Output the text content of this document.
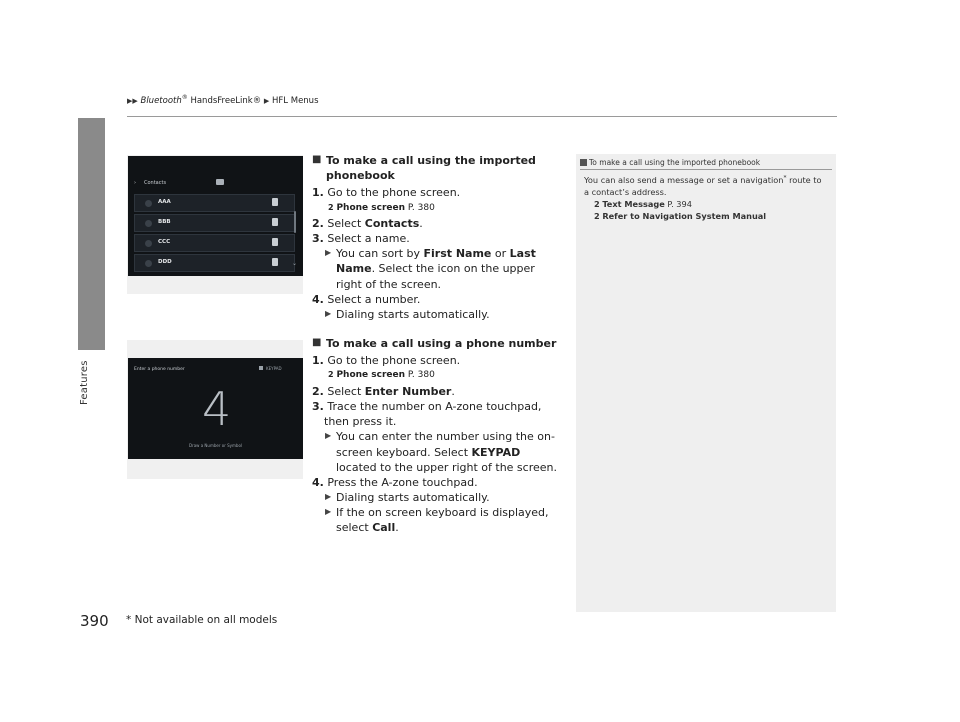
Features
▶▶ Bluetooth® HandsFreeLink® ▶ HFL Menus
› Contacts
AAA
BBB
CCC
DDD	⌄
Enter a phone number	KEYPAD
4
Draw a Number or Symbol
■ To make a call using the imported phonebook
1. Go to the phone screen.
2 Phone screen P. 380
2. Select Contacts.
3. Select a name.
▶ You can sort by First Name or Last Name. Select the icon on the upper right of the screen.
4. Select a number.
▶ Dialing starts automatically.
■ To make a call using a phone number
1. Go to the phone screen.
2 Phone screen P. 380
2. Select Enter Number.
3. Trace the number on A-zone touchpad, then press it.
▶ You can enter the number using the on-screen keyboard. Select KEYPAD located to the upper right of the screen.
4. Press the A-zone touchpad.
▶ Dialing starts automatically.
▶ If the on screen keyboard is displayed, select Call.
To make a call using the imported phonebook
You can also send a message or set a navigation* route to a contact’s address.
2 Text Message P. 394
2 Refer to Navigation System Manual
390 * Not available on all models
